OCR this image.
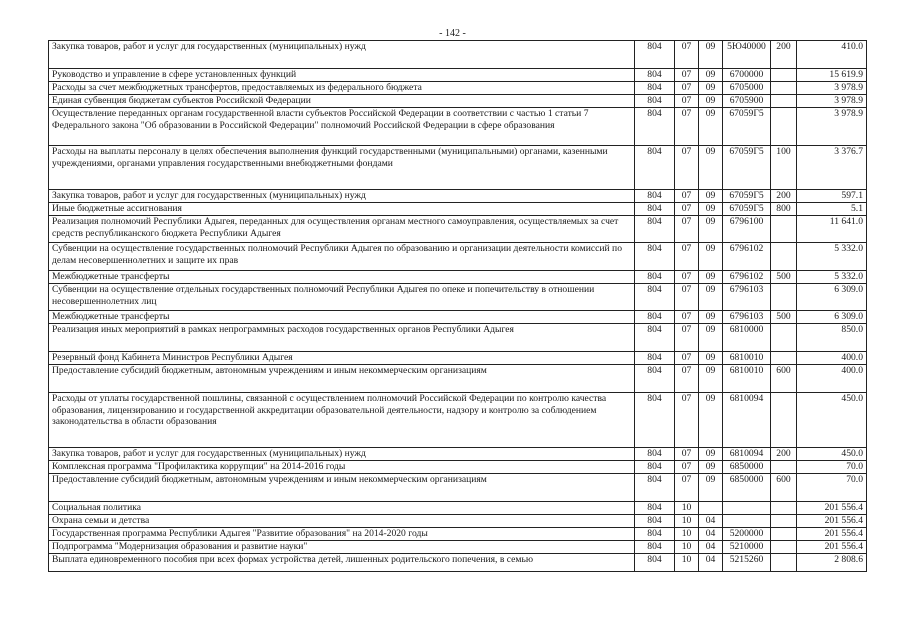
- 142 -
Закупка товаров, работ и услуг для государственных (муниципальных) нужд	804	07	09	5Ю40000	200	410.0
Руководство и управление в сфере установленных функций	804	07	09	6700000		15 619.9
Расходы за счет межбюджетных трансфертов, предоставляемых из федерального бюджета	804	07	09	6705000		3 978.9
Единая субвенция бюджетам субъектов Российской Федерации	804	07	09	6705900		3 978.9
Осуществление переданных органам государственной власти субъектов Российской Федерации в соответствии с частью 1 статьи 7 Федерального закона "Об образовании в Российской Федерации" полномочий Российской Федерации в сфере образования	804	07	09	67059Г5		3 978.9
Расходы на выплаты персоналу в целях обеспечения выполнения функций государственными (муниципальными) органами, казенными учреждениями, органами управления государственными внебюджетными фондами	804	07	09	67059Г5	100	3 376.7
Закупка товаров, работ и услуг для государственных (муниципальных) нужд	804	07	09	67059Г5	200	597.1
Иные бюджетные ассигнования	804	07	09	67059Г5	800	5.1
Реализация полномочий Республики Адыгея, переданных для осуществления органам местного самоуправления, осуществляемых за счет средств республиканского бюджета Республики Адыгея	804	07	09	6796100		11 641.0
Субвенции на осуществление государственных полномочий Республики Адыгея по образованию и организации деятельности комиссий по делам несовершеннолетних и защите их прав	804	07	09	6796102		5 332.0
Межбюджетные трансферты	804	07	09	6796102	500	5 332.0
Субвенции на осуществление отдельных государственных полномочий Республики Адыгея по опеке и попечительству в отношении несовершеннолетних лиц	804	07	09	6796103		6 309.0
Межбюджетные трансферты	804	07	09	6796103	500	6 309.0
Реализация иных мероприятий в рамках непрограммных расходов государственных органов Республики Адыгея	804	07	09	6810000		850.0
Резервный фонд Кабинета Министров Республики Адыгея	804	07	09	6810010		400.0
Предоставление субсидий бюджетным, автономным учреждениям и иным некоммерческим организациям	804	07	09	6810010	600	400.0
Расходы от уплаты государственной пошлины, связанной с осуществлением полномочий Российской Федерации по контролю качества образования, лицензированию и государственной аккредитации образовательной деятельности, надзору и контролю за соблюдением законодательства в области образования	804	07	09	6810094		450.0
Закупка товаров, работ и услуг для государственных (муниципальных) нужд	804	07	09	6810094	200	450.0
Комплексная программа "Профилактика коррупции" на 2014-2016 годы	804	07	09	6850000		70.0
Предоставление субсидий бюджетным, автономным учреждениям и иным некоммерческим организациям	804	07	09	6850000	600	70.0
Социальная политика	804	10				201 556.4
Охрана семьи и детства	804	10	04			201 556.4
Государственная программа Республики Адыгея "Развитие образования" на 2014-2020 годы	804	10	04	5200000		201 556.4
Подпрограмма "Модернизация образования и развитие науки"	804	10	04	5210000		201 556.4
Выплата единовременного пособия при всех формах устройства детей, лишенных родительского попечения, в семью	804	10	04	5215260		2 808.6
